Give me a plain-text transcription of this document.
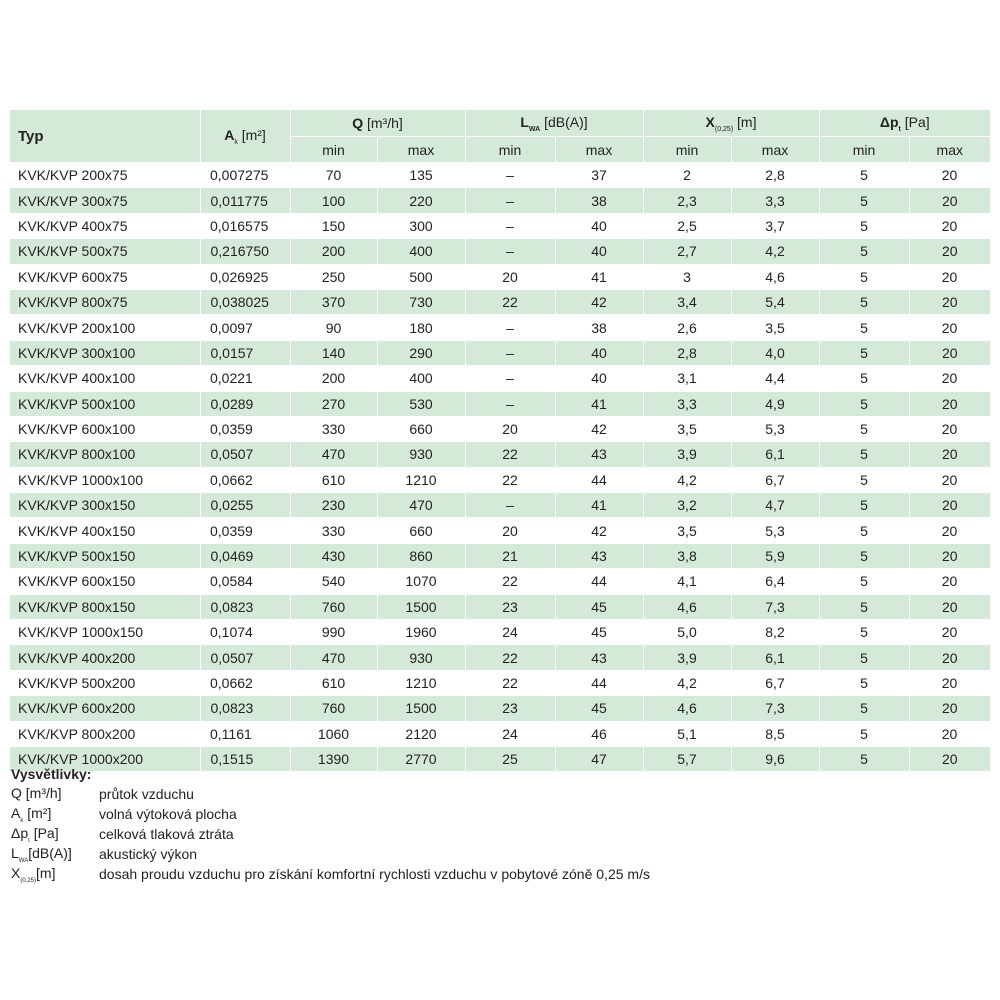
Typ	$A_k$ [m²]	Q [m³/h]		$L_{WA}$ [dB(A)]		$X_{(0,25)}$ [m]		$\Delta p_t$ [Pa]	
		min	max	min	max	min	max	min	max
KVK/KVP 200x75	0,007275	70	135	–	37	2	2,8	5	20
KVK/KVP 300x75	0,011775	100	220	–	38	2,3	3,3	5	20
KVK/KVP 400x75	0,016575	150	300	–	40	2,5	3,7	5	20
KVK/KVP 500x75	0,216750	200	400	–	40	2,7	4,2	5	20
KVK/KVP 600x75	0,026925	250	500	20	41	3	4,6	5	20
KVK/KVP 800x75	0,038025	370	730	22	42	3,4	5,4	5	20
KVK/KVP 200x100	0,0097	90	180	–	38	2,6	3,5	5	20
KVK/KVP 300x100	0,0157	140	290	–	40	2,8	4,0	5	20
KVK/KVP 400x100	0,0221	200	400	–	40	3,1	4,4	5	20
KVK/KVP 500x100	0,0289	270	530	–	41	3,3	4,9	5	20
KVK/KVP 600x100	0,0359	330	660	20	42	3,5	5,3	5	20
KVK/KVP 800x100	0,0507	470	930	22	43	3,9	6,1	5	20
KVK/KVP 1000x100	0,0662	610	1210	22	44	4,2	6,7	5	20
KVK/KVP 300x150	0,0255	230	470	–	41	3,2	4,7	5	20
KVK/KVP 400x150	0,0359	330	660	20	42	3,5	5,3	5	20
KVK/KVP 500x150	0,0469	430	860	21	43	3,8	5,9	5	20
KVK/KVP 600x150	0,0584	540	1070	22	44	4,1	6,4	5	20
KVK/KVP 800x150	0,0823	760	1500	23	45	4,6	7,3	5	20
KVK/KVP 1000x150	0,1074	990	1960	24	45	5,0	8,2	5	20
KVK/KVP 400x200	0,0507	470	930	22	43	3,9	6,1	5	20
KVK/KVP 500x200	0,0662	610	1210	22	44	4,2	6,7	5	20
KVK/KVP 600x200	0,0823	760	1500	23	45	4,6	7,3	5	20
KVK/KVP 800x200	0,1161	1060	2120	24	46	5,1	8,5	5	20
KVK/KVP 1000x200	0,1515	1390	2770	25	47	5,7	9,6	5	20
Vysvětlivky:
Q [m³/h]	průtok vzduchu
$A_k$ [m²]	volná výtoková plocha
$\Delta p_t$ [Pa]	celková tlaková ztráta
$L_{WA}[dB(A)]$	akustický výkon
$X_{(0,25)}[m]$	dosah proudu vzduchu pro získání komfortní rychlosti vzduchu v pobytové zóně 0,25 m/s
